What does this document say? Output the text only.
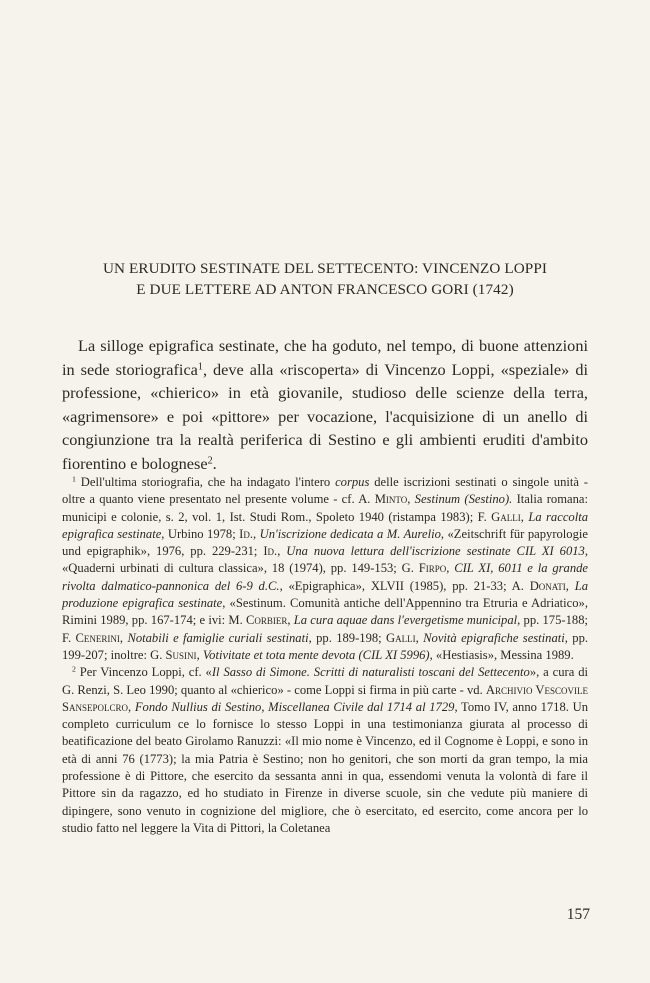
UN ERUDITO SESTINATE DEL SETTECENTO: VINCENZO LOPPI
E DUE LETTERE AD ANTON FRANCESCO GORI (1742)

La silloge epigrafica sestinate, che ha goduto, nel tempo, di buone attenzioni in sede storiografica$^1$, deve alla «riscoperta» di Vincenzo Loppi, «speziale» di professione, «chierico» in età giovanile, studioso delle scienze della terra, «agrimensore» e poi «pittore» per vocazione, l'acquisizione di un anello di congiunzione tra la realtà periferica di Sestino e gli ambienti eruditi d'ambito fiorentino e bolognese$^2$.

$^1$ Dell'ultima storiografia, che ha indagato l'intero corpus delle iscrizioni sestinati o singole unità - oltre a quanto viene presentato nel presente volume - cf. A. Minto, Sestinum (Sestino). Italia romana: municipi e colonie, s. 2, vol. 1, Ist. Studi Rom., Spoleto 1940 (ristampa 1983); F. Galli, La raccolta epigrafica sestinate, Urbino 1978; Id., Un'iscrizione dedicata a M. Aurelio, «Zeitschrift für papyrologie und epigraphik», 1976, pp. 229-231; Id., Una nuova lettura dell'iscrizione sestinate CIL XI 6013, «Quaderni urbinati di cultura classica», 18 (1974), pp. 149-153; G. Firpo, CIL XI, 6011 e la grande rivolta dalmatico-pannonica del 6-9 d.C., «Epigraphica», XLVII (1985), pp. 21-33; A. Donati, La produzione epigrafica sestinate, «Sestinum. Comunità antiche dell'Appennino tra Etruria e Adriatico», Rimini 1989, pp. 167-174; e ivi: M. Corbier, La cura aquae dans l'evergetisme municipal, pp. 175-188; F. Cenerini, Notabili e famiglie curiali sestinati, pp. 189-198; Galli, Novità epigrafiche sestinati, pp. 199-207; inoltre: G. Susini, Votivitate et tota mente devota (CIL XI 5996), «Hestiasis», Messina 1989.

$^2$ Per Vincenzo Loppi, cf. «Il Sasso di Simone. Scritti di naturalisti toscani del Settecento», a cura di G. Renzi, S. Leo 1990; quanto al «chierico» - come Loppi si firma in più carte - vd. Archivio Vescovile Sansepolcro, Fondo Nullius di Sestino, Miscellanea Civile dal 1714 al 1729, Tomo IV, anno 1718. Un completo curriculum ce lo fornisce lo stesso Loppi in una testimonianza giurata al processo di beatificazione del beato Girolamo Ranuzzi: «Il mio nome è Vincenzo, ed il Cognome è Loppi, e sono in età di anni 76 (1773); la mia Patria è Sestino; non ho genitori, che son morti da gran tempo, la mia professione è di Pittore, che esercito da sessanta anni in qua, essendomi venuta la volontà di fare il Pittore sin da ragazzo, ed ho studiato in Firenze in diverse scuole, sin che vedute più maniere di dipingere, sono venuto in cognizione del migliore, che ò esercitato, ed esercito, come ancora per lo studio fatto nel leggere la Vita di Pittori, la Coletanea

157
